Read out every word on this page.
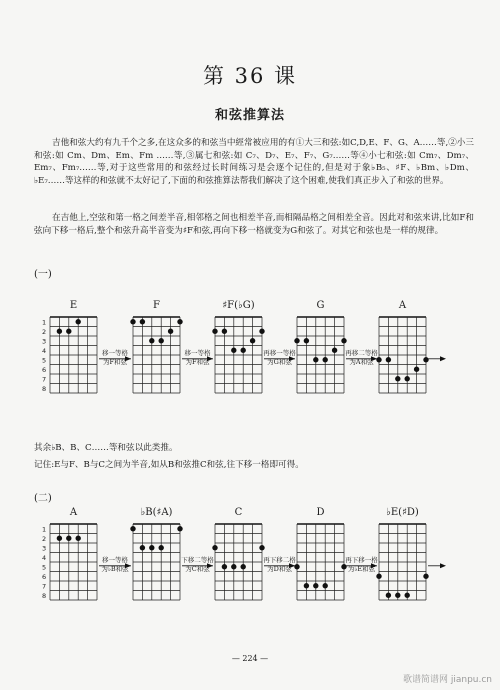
第 36 课
和弦推算法
吉他和弦大约有九千个之多,在这众多的和弦当中經常被应用的有①大三和弦:如C,D,E、F、G、A……等,②小三和弦:如 Cm、Dm、Em、Fm ……等,③属七和弦:如 C₇、D₇、E₇、F₇、G₇……等④小七和弦:如 Cm₇、Dm₇、Em₇、Fm₇……等,对于这些常用的和弦经过长时间练习是会逐个记住的,但是对于象♭B₅、♯F、♭Bm、♭Dm、♭E₇……等这样的和弦就不太好记了,下面的和弦推算法帮我们解决了这个困难,使我们真正步入了和弦的世界。
在吉他上,空弦和第一格之间差半音,相邻格之间也相差半音,而相隔品格之间相差全音。因此对和弦来讲,比如F和弦向下移一格后,整个和弦升高半音变为♯F和弦,再向下移一格就变为G和弦了。对其它和弦也是一样的规律。
(一)
其余♭B、B、C……等和弦以此类推。
记住:E与F、B与C之间为半音,如从B和弦推C和弦,往下移一格即可得。
(二)
— 224 —
歌谱简谱网 jianpu.cn
1
2
3
4
5
6
7
8
1
2
3
4
5
6
7
8
E	F	♯F(♭G)	G	A
移一等格
为F和弦
移一等格
为F和弦
再移一等格
为G和弦
再移二等格
为A和弦
A	♭B(♯A)	C	D	♭E(♯D)
移一等格
为♭B和弦
下移二等格
为C和弦
再下移二格
为D和弦
再下移一格
为♭E和弦
